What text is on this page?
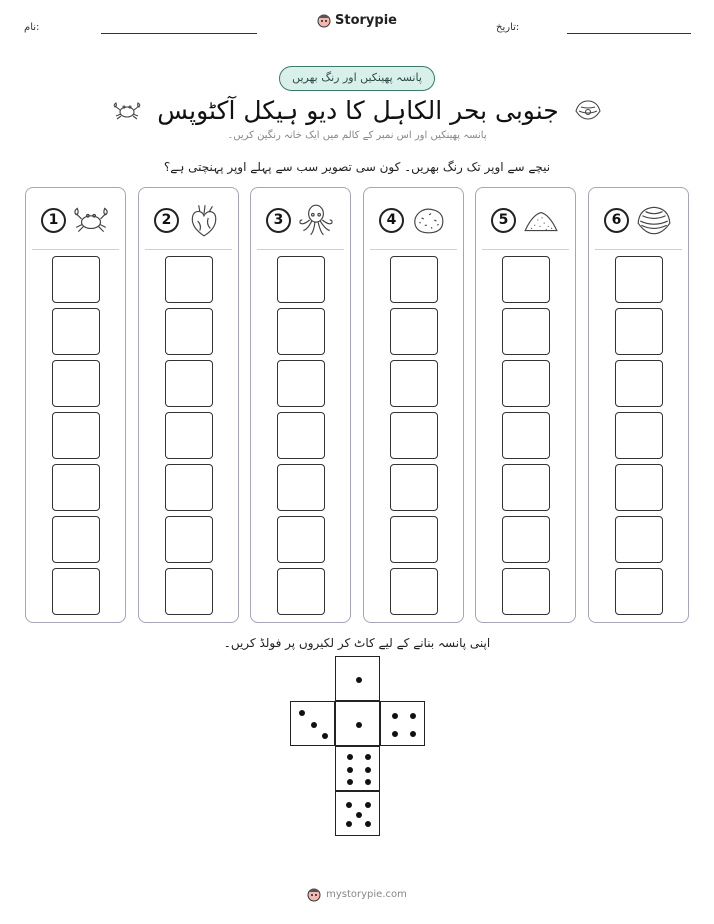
نام:	Storypie	تاریخ:
پانسہ پھینکیں اور رنگ بھریں
جنوبی بحر الکاہل کا دیو ہیکل آکٹوپس
پانسہ پھینکیں اور اس نمبر کے کالم میں ایک خانہ رنگین کریں۔
نیچے سے اوپر تک رنگ بھریں۔ کون سی تصویر سب سے پہلے اوپر پہنچتی ہے؟
1	2	3	4	5	6
اپنی پانسہ بنانے کے لیے کاٹ کر لکیروں پر فولڈ کریں۔
mystorypie.com
